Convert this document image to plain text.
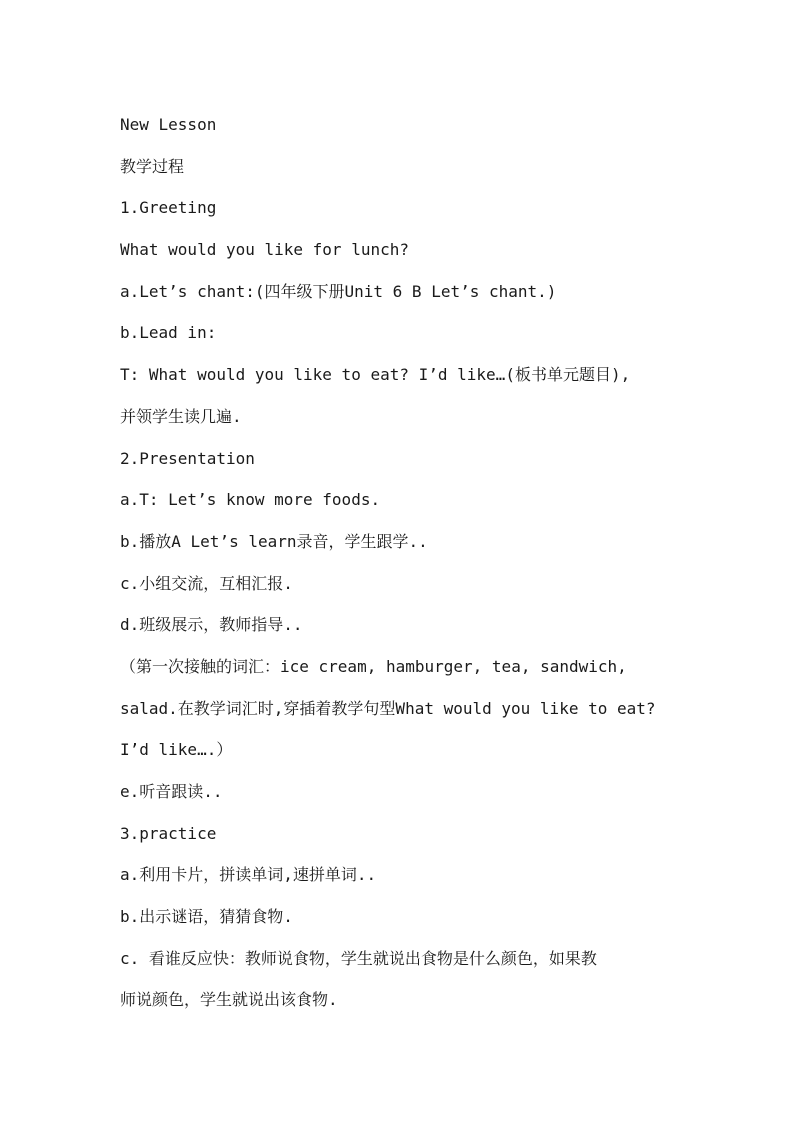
New Lesson

教学过程

1.Greeting

What would you like for lunch?

a.Let’s chant:(四年级下册Unit 6 B Let’s chant.)

b.Lead in:

T: What would you like to eat? I’d like…(板书单元题目),

并领学生读几遍.

2.Presentation

a.T: Let’s know more foods.

b.播放A Let’s learn录音，学生跟学..

c.小组交流，互相汇报.

d.班级展示，教师指导..

（第一次接触的词汇：ice cream, hamburger, tea, sandwich,

salad.在教学词汇时,穿插着教学句型What would you like to eat?

I’d like….）

e.听音跟读..

3.practice

a.利用卡片，拼读单词,速拼单词..

b.出示谜语，猜猜食物.

c. 看谁反应快：教师说食物，学生就说出食物是什么颜色，如果教

师说颜色，学生就说出该食物.
